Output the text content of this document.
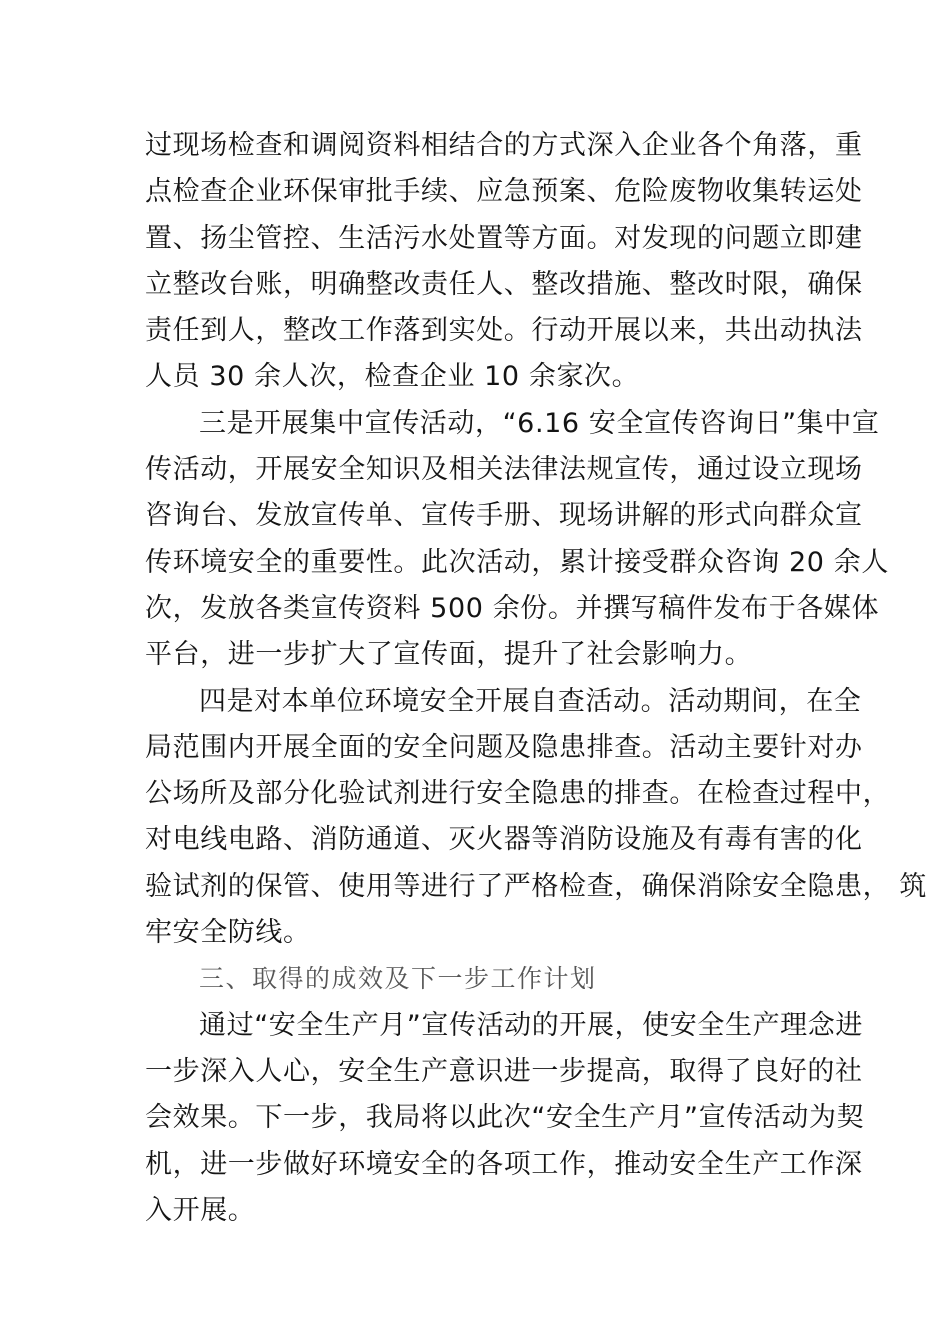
过现场检查和调阅资料相结合的方式深入企业各个角落，重
点检查企业环保审批手续、应急预案、危险废物收集转运处
置、扬尘管控、生活污水处置等方面。对发现的问题立即建
立整改台账，明确整改责任人、整改措施、整改时限，确保
责任到人，整改工作落到实处。行动开展以来，共出动执法
人员 30 余人次，检查企业 10 余家次。
三是开展集中宣传活动，“6.16 安全宣传咨询日”集中宣
传活动，开展安全知识及相关法律法规宣传，通过设立现场
咨询台、发放宣传单、宣传手册、现场讲解的形式向群众宣
传环境安全的重要性。此次活动，累计接受群众咨询 20 余人
次，发放各类宣传资料 500 余份。并撰写稿件发布于各媒体
平台，进一步扩大了宣传面，提升了社会影响力。
四是对本单位环境安全开展自查活动。活动期间，在全
局范围内开展全面的安全问题及隐患排查。活动主要针对办
公场所及部分化验试剂进行安全隐患的排查。在检查过程中，
对电线电路、消防通道、灭火器等消防设施及有毒有害的化
验试剂的保管、使用等进行了严格检查，确保消除安全隐患， 筑
牢安全防线。
三、取得的成效及下一步工作计划
通过“安全生产月”宣传活动的开展，使安全生产理念进
一步深入人心，安全生产意识进一步提高，取得了良好的社
会效果。下一步，我局将以此次“安全生产月”宣传活动为契
机，进一步做好环境安全的各项工作，推动安全生产工作深
入开展。
